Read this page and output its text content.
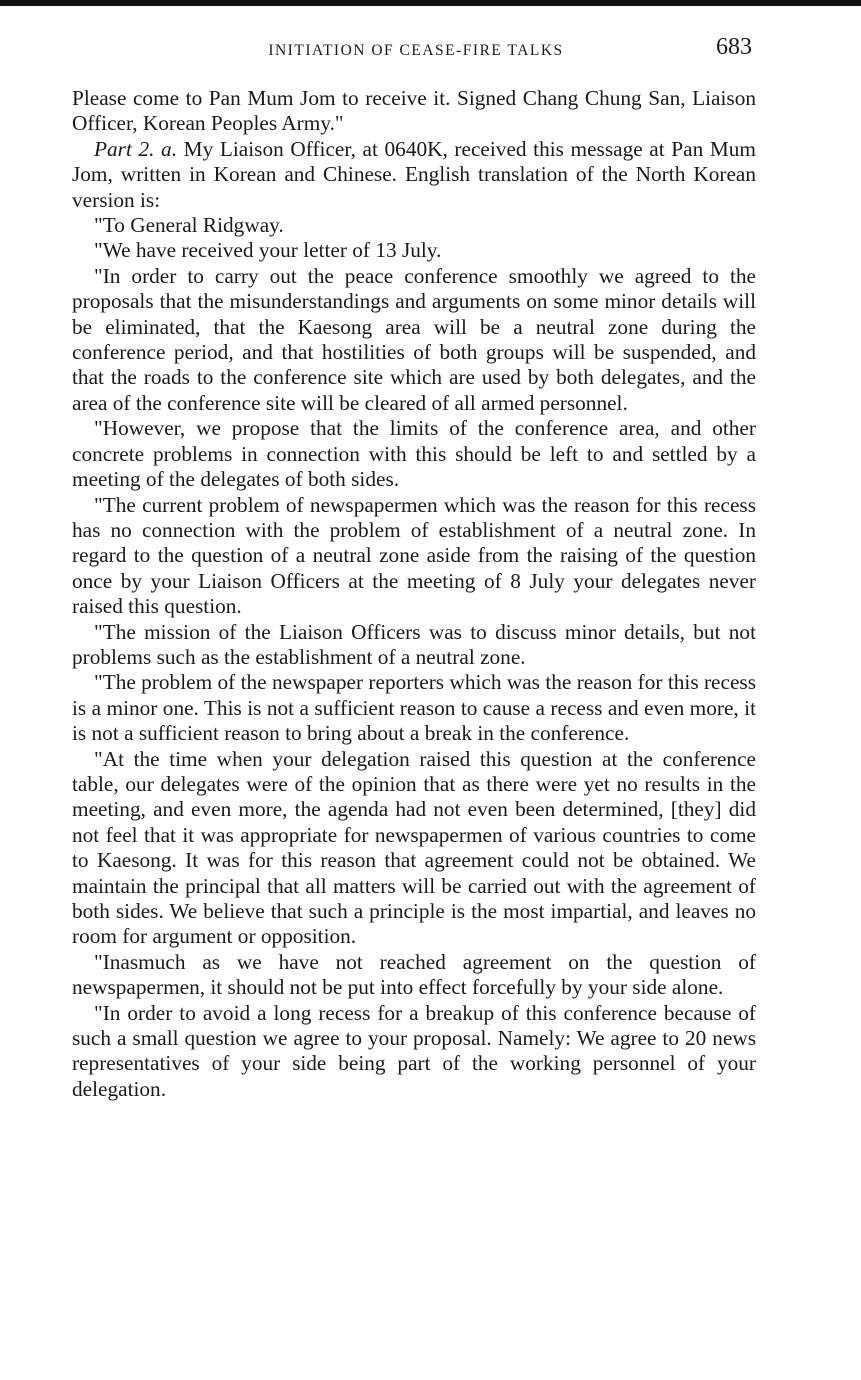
INITIATION OF CEASE-FIRE TALKS	683

Please come to Pan Mum Jom to receive it. Signed Chang Chung San, Liaison Officer, Korean Peoples Army."

Part 2. a. My Liaison Officer, at 0640K, received this message at Pan Mum Jom, written in Korean and Chinese. English translation of the North Korean version is:

"To General Ridgway.

"We have received your letter of 13 July.

"In order to carry out the peace conference smoothly we agreed to the proposals that the misunderstandings and arguments on some minor details will be eliminated, that the Kaesong area will be a neutral zone during the conference period, and that hostilities of both groups will be suspended, and that the roads to the conference site which are used by both delegates, and the area of the conference site will be cleared of all armed personnel.

"However, we propose that the limits of the conference area, and other concrete problems in connection with this should be left to and settled by a meeting of the delegates of both sides.

"The current problem of newspapermen which was the reason for this recess has no connection with the problem of establishment of a neutral zone. In regard to the question of a neutral zone aside from the raising of the question once by your Liaison Officers at the meeting of 8 July your delegates never raised this question.

"The mission of the Liaison Officers was to discuss minor details, but not problems such as the establishment of a neutral zone.

"The problem of the newspaper reporters which was the reason for this recess is a minor one. This is not a sufficient reason to cause a recess and even more, it is not a sufficient reason to bring about a break in the conference.

"At the time when your delegation raised this question at the conference table, our delegates were of the opinion that as there were yet no results in the meeting, and even more, the agenda had not even been determined, [they] did not feel that it was appropriate for newspapermen of various countries to come to Kaesong. It was for this reason that agreement could not be obtained. We maintain the principal that all matters will be carried out with the agreement of both sides. We believe that such a principle is the most impartial, and leaves no room for argument or opposition.

"Inasmuch as we have not reached agreement on the question of newspapermen, it should not be put into effect forcefully by your side alone.

"In order to avoid a long recess for a breakup of this conference because of such a small question we agree to your proposal. Namely: We agree to 20 news representatives of your side being part of the working personnel of your delegation.
